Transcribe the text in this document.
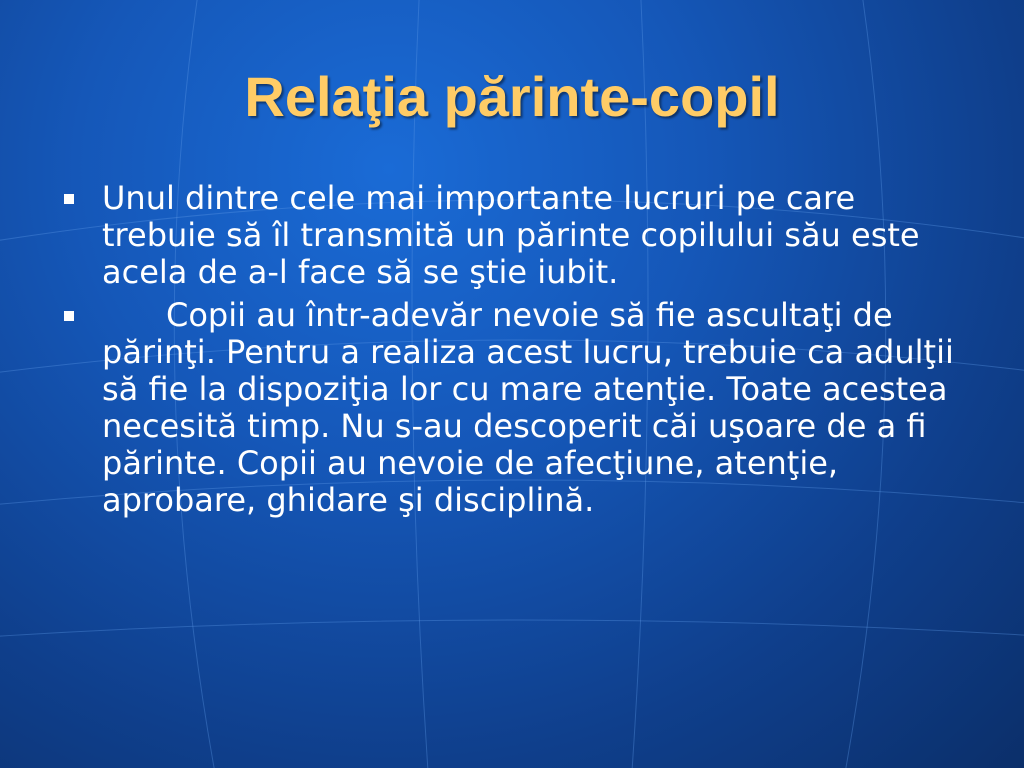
Relaţia părinte-copil
Unul dintre cele mai importante lucruri pe care trebuie să îl transmită un părinte copilului său este acela de a-l face să se ştie iubit.
Copii au într-adevăr nevoie să fie ascultaţi de părinţi. Pentru a realiza acest lucru, trebuie ca adulţii să fie la dispoziţia lor cu mare atenţie. Toate acestea necesită timp. Nu s-au descoperit căi uşoare de a fi părinte. Copii au nevoie de afecţiune, atenţie, aprobare, ghidare şi disciplină.
